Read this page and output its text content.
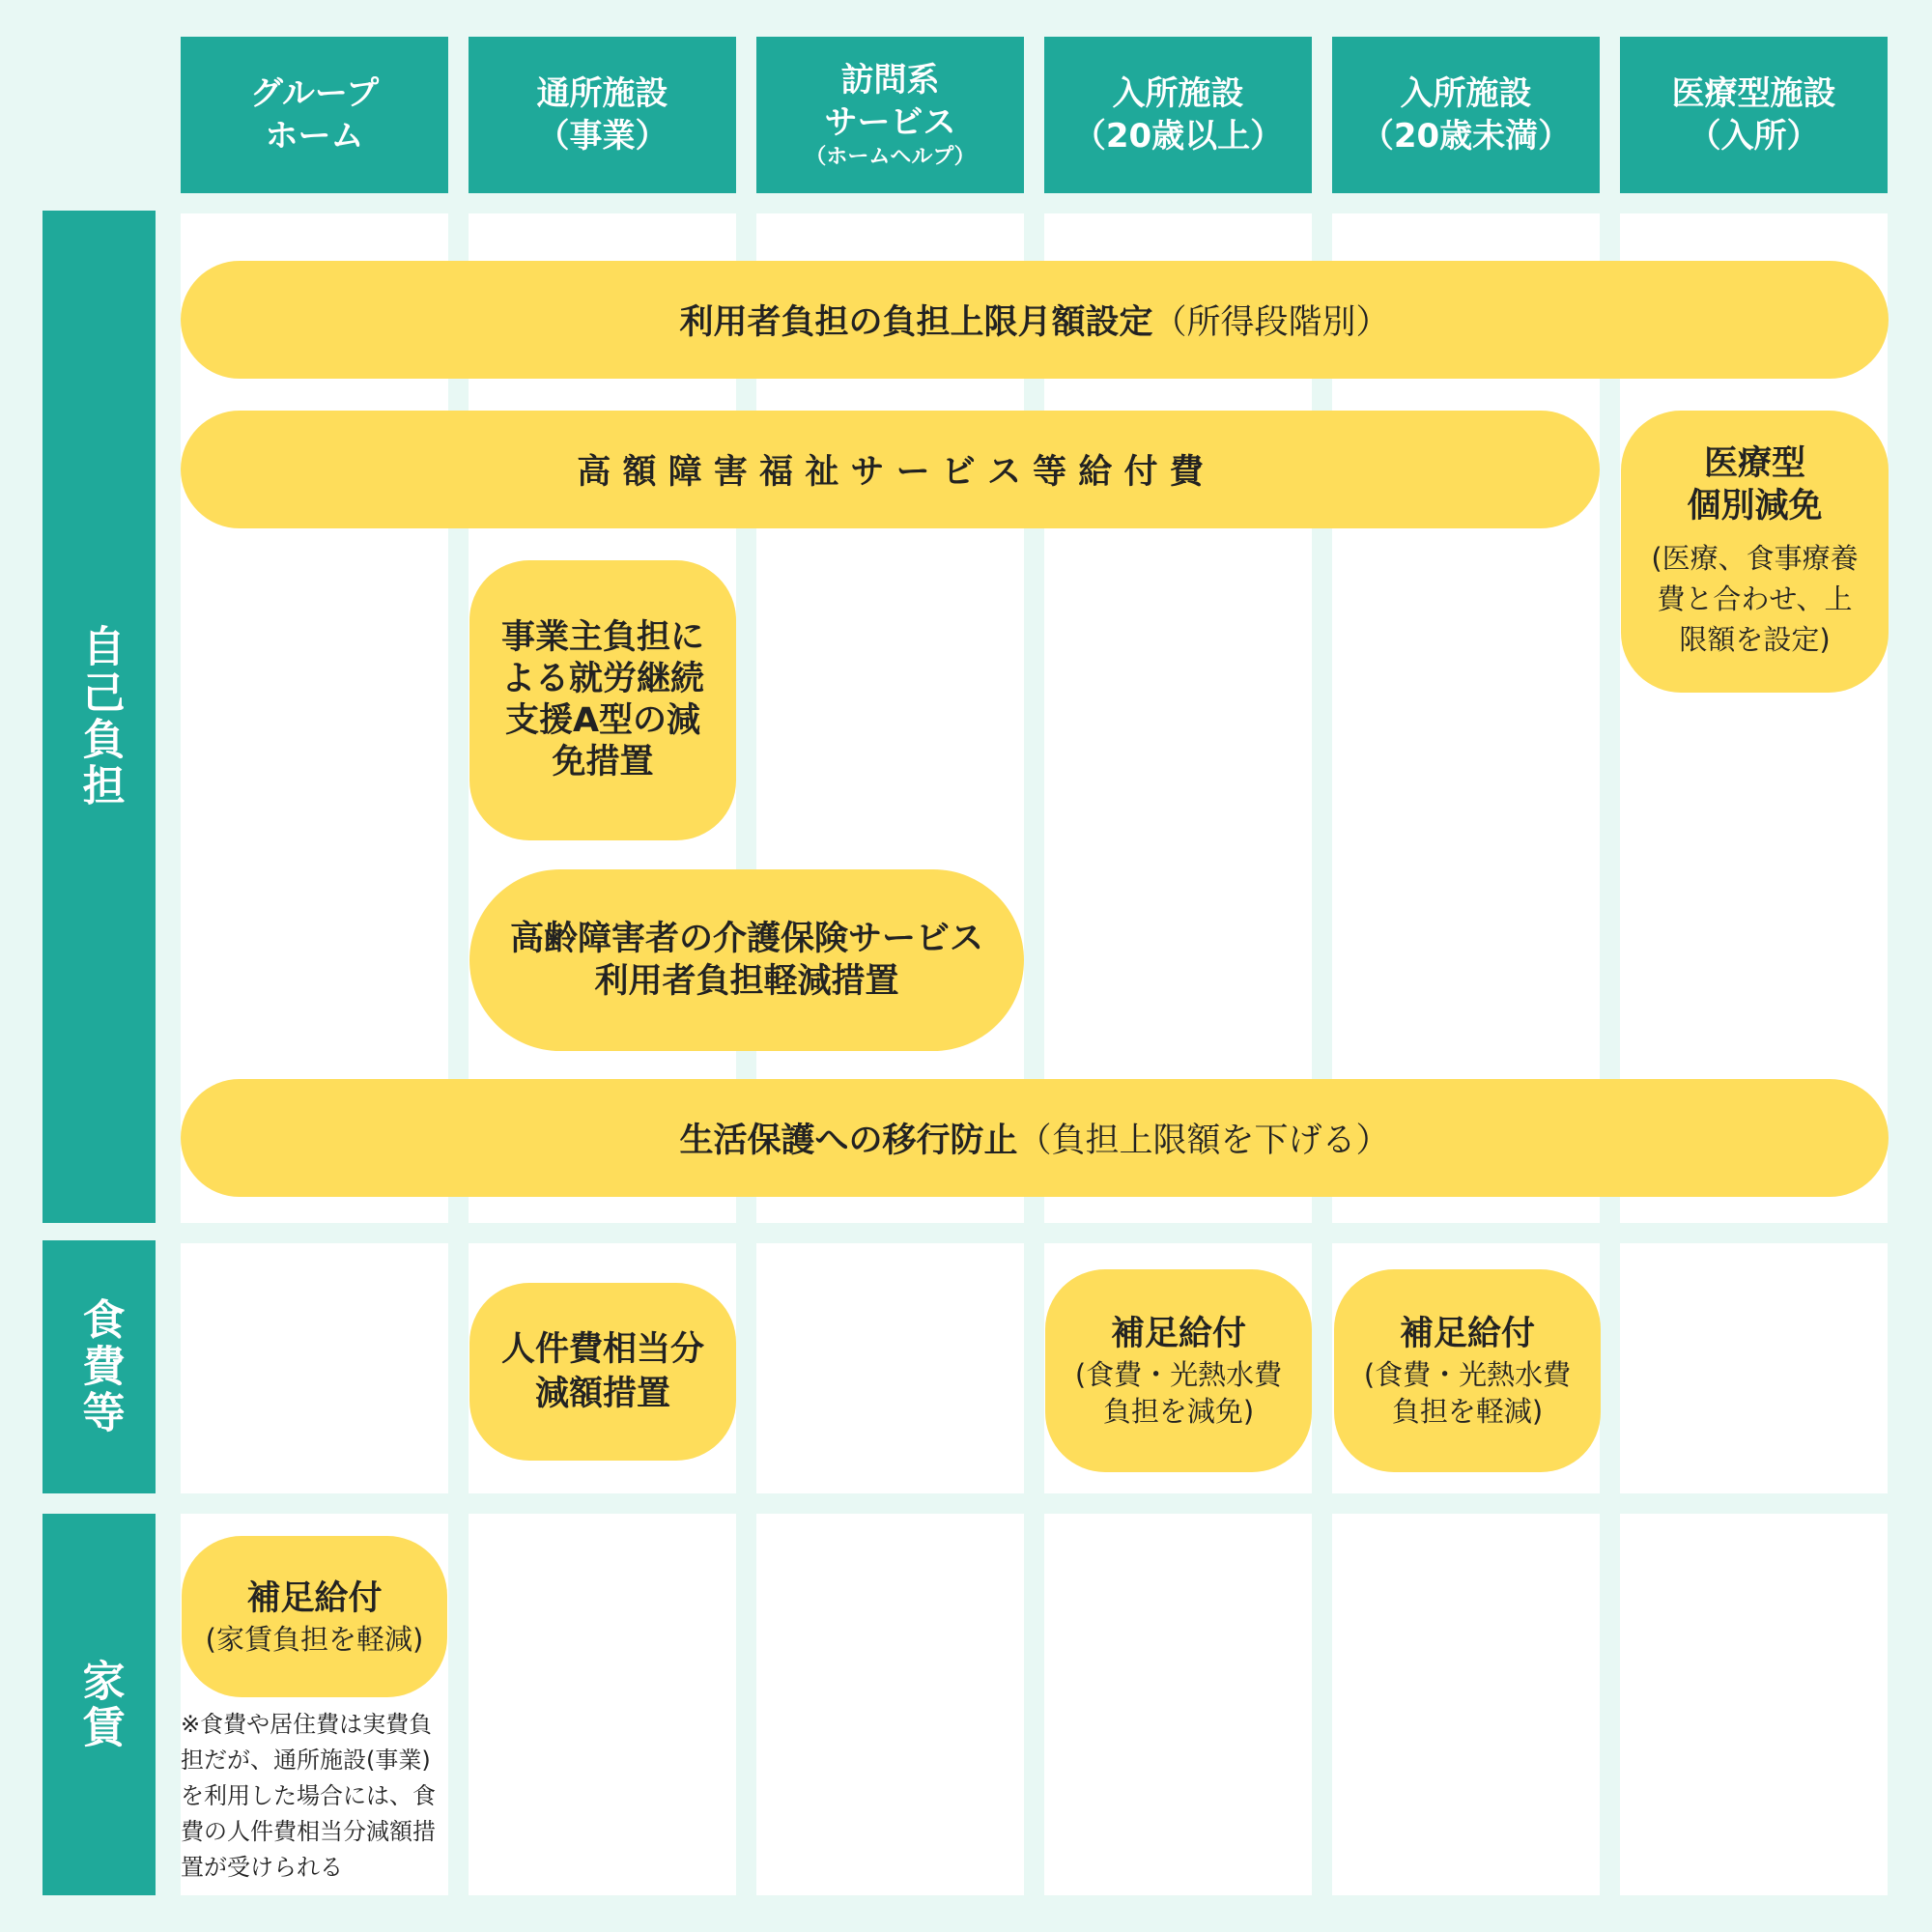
グループ
ホーム
通所施設
（事業）
訪問系
サービス
（ホームヘルプ）
入所施設
（20歳以上）
入所施設
（20歳未満）
医療型施設
（入所）
自己負担
食費等
家賃
利用者負担の負担上限月額設定 （所得段階別）
高 額 障 害 福 祉 サ ー ビ ス 等 給 付 費	医療型
個別減免
(医療、食事療養
費と合わせ、上
限額を設定)
事業主負担に
よる就労継続
支援A型の減
免措置
高齢障害者の介護保険サービス
利用者負担軽減措置
生活保護への移行防止 （負担上限額を下げる）
人件費相当分
減額措置
補足給付
(食費・光熱水費
負担を減免)
補足給付
(食費・光熱水費
負担を軽減)
補足給付
(家賃負担を軽減)
※食費や居住費は実費負
担だが、通所施設(事業)
を利用した場合には、食
費の人件費相当分減額措
置が受けられる
